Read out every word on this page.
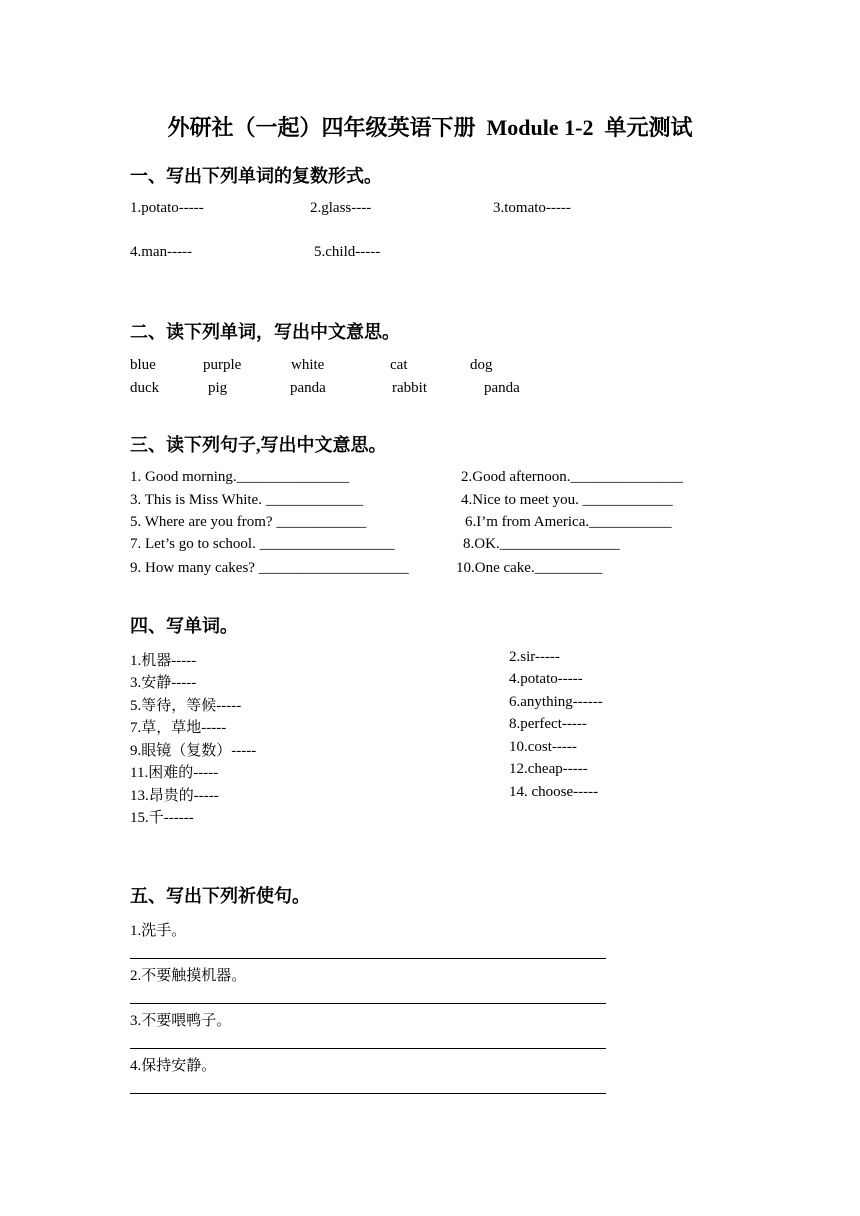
外研社（一起）四年级英语下册  Module 1-2  单元测试
一、写出下列单词的复数形式。
1.potato-----	2.glass----	3.tomato-----
4.man-----	5.child-----
二、读下列单词，写出中文意思。
blue	purple	white	cat	dog
duck	pig	panda	rabbit	panda
三、读下列句子,写出中文意思。
1. Good morning._______________	2.Good afternoon._______________
3. This is Miss White. _____________	4.Nice to meet you. ____________
5. Where are you from? ____________	6.I’m from America.___________
7. Let’s go to school. __________________	8.OK.________________
9. How many cakes? ____________________	10.One cake._________
四、写单词。
1.机器-----	2.sir-----
3.安静-----	4.potato-----
5.等待，等候-----	6.anything------
7.草，草地-----	8.perfect-----
9.眼镜（复数）-----	10.cost-----
11.困难的-----	12.cheap-----
13.昂贵的-----	14. choose-----
15.千------
五、写出下列祈使句。
1.洗手。
2.不要触摸机器。
3.不要喂鸭子。
4.保持安静。
